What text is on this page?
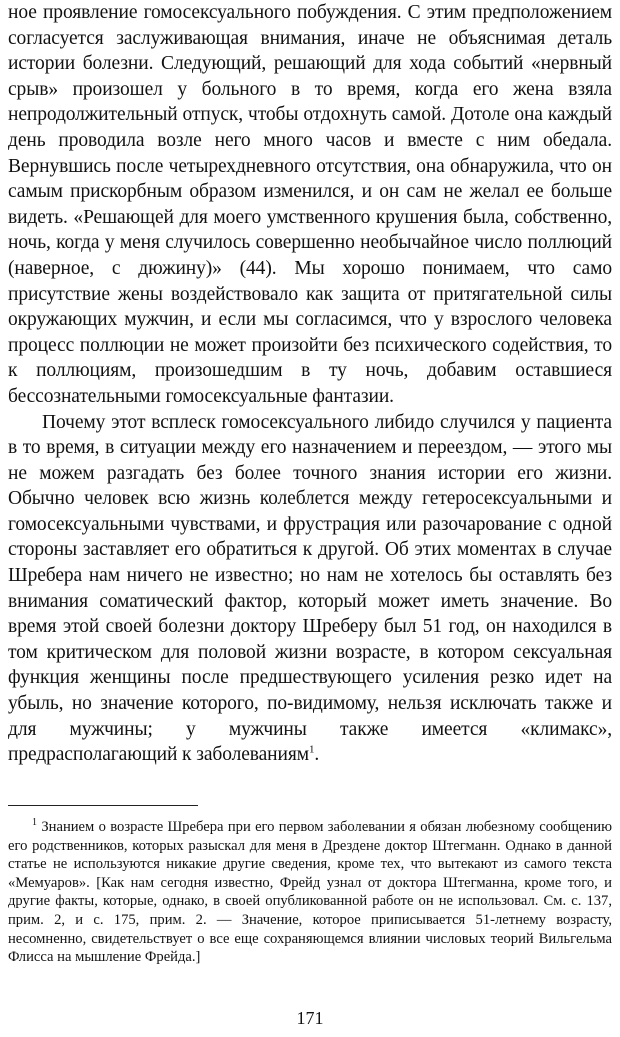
ное проявление гомосексуального побуждения. С этим предположением согласуется заслуживающая внимания, иначе не объяснимая деталь истории болезни. Следующий, решающий для хода событий «нервный срыв» произошел у больного в то время, когда его жена взяла непродолжительный отпуск, чтобы отдохнуть самой. Дотоле она каждый день проводила возле него много часов и вместе с ним обедала. Вернувшись после четырехдневного отсутствия, она обнаружила, что он самым прискорбным образом изменился, и он сам не желал ее больше видеть. «Решающей для моего умственного крушения была, собственно, ночь, когда у меня случилось совершенно необычайное число поллюций (наверное, с дюжину)» (44). Мы хорошо понимаем, что само присутствие жены воздействовало как защита от притягательной силы окружающих мужчин, и если мы согласимся, что у взрослого человека процесс поллюции не может произойти без психического содействия, то к поллюциям, произошедшим в ту ночь, добавим оставшиеся бессознательными гомосексуальные фантазии.

Почему этот всплеск гомосексуального либидо случился у пациента в то время, в ситуации между его назначением и переездом, — этого мы не можем разгадать без более точного знания истории его жизни. Обычно человек всю жизнь колеблется между гетеросексуальными и гомосексуальными чувствами, и фрустрация или разочарование с одной стороны заставляет его обратиться к другой. Об этих моментах в случае Шребера нам ничего не известно; но нам не хотелось бы оставлять без внимания соматический фактор, который может иметь значение. Во время этой своей болезни доктору Шреберу был 51 год, он находился в том критическом для половой жизни возрасте, в котором сексуальная функция женщины после предшествующего усиления резко идет на убыль, но значение которого, по-видимому, нельзя исключать также и для мужчины; у мужчины также имеется «климакс», предрасполагающий к заболеваниям$^1$.

$^1$ Знанием о возрасте Шребера при его первом заболевании я обязан любезному сообщению его родственников, которых разыскал для меня в Дрездене доктор Штегманн. Однако в данной статье не используются никакие другие сведения, кроме тех, что вытекают из самого текста «Мемуаров». [Как нам сегодня известно, Фрейд узнал от доктора Штегманна, кроме того, и другие факты, которые, однако, в своей опубликованной работе он не использовал. См. с. 137, прим. 2, и с. 175, прим. 2. — Значение, которое приписывается 51-летнему возрасту, несомненно, свидетельствует о все еще сохраняющемся влиянии числовых теорий Вильгельма Флисса на мышление Фрейда.]

171
